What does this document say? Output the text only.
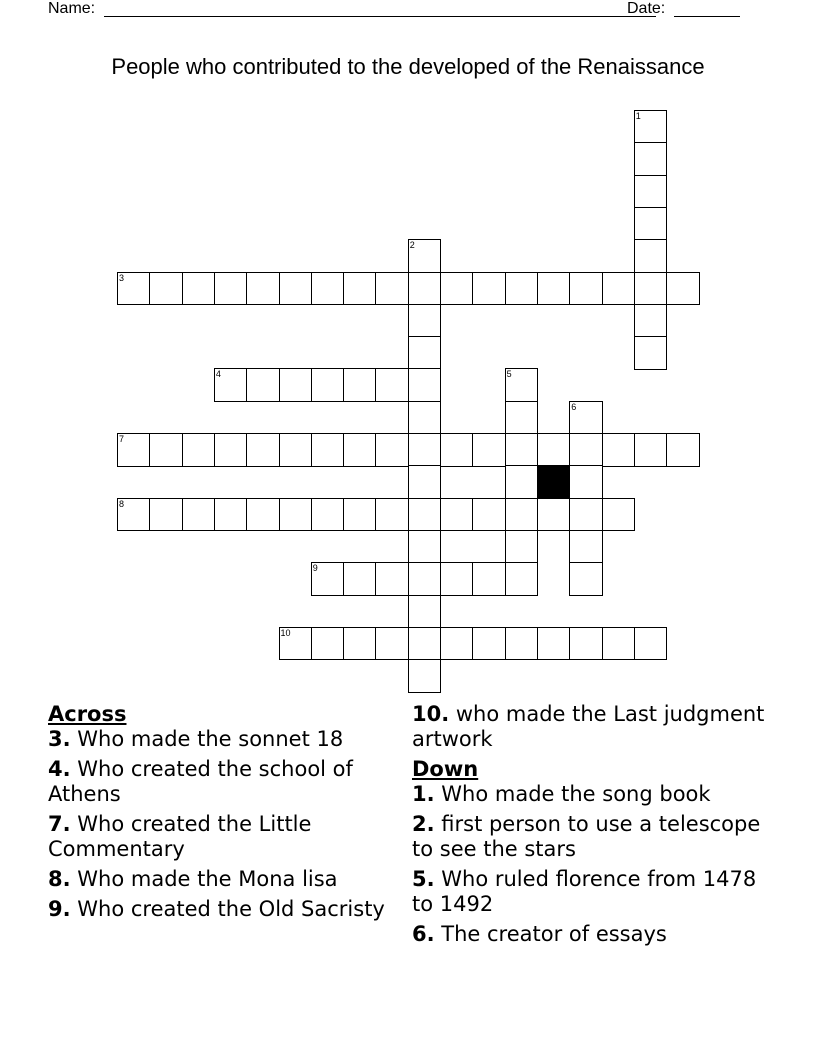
Name:	Date:
People who contributed to the developed of the Renaissance
1
2
3
4	5
6
7
8
9
10

Across

3. Who made the sonnet 18

4. Who created the school of Athens

7. Who created the Little Commentary

8. Who made the Mona lisa

9. Who created the Old Sacristy

10. who made the Last judgment artwork

Down

1. Who made the song book

2. first person to use a telescope to see the stars

5. Who ruled florence from 1478 to 1492

6. The creator of essays
